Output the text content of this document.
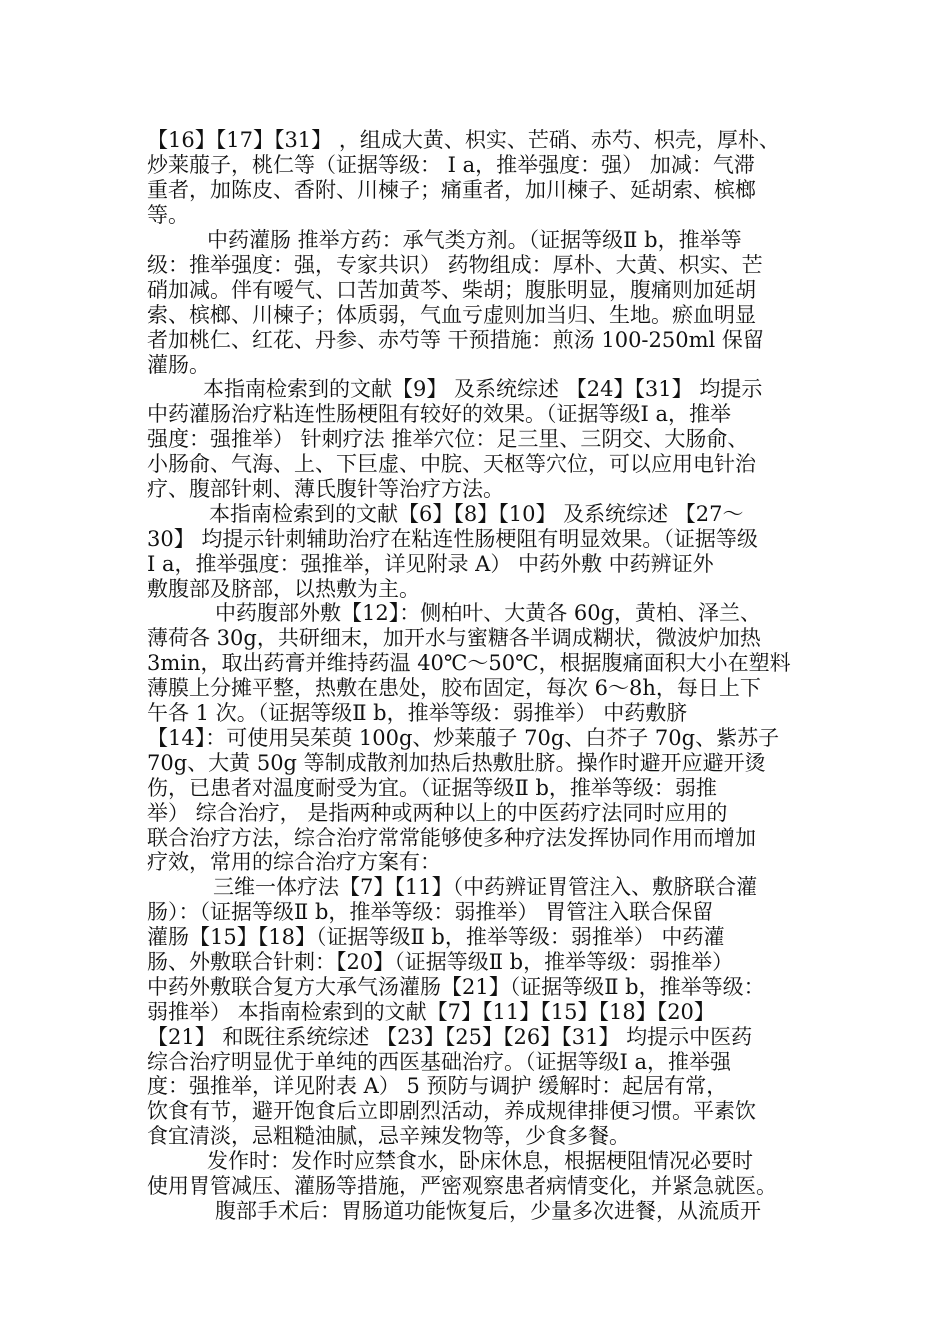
【16】【17】【31】 ，组成大黄、枳实、芒硝、赤芍、枳壳，厚朴、
炒莱菔子，桃仁等（证据等级： Ⅰ a，推举强度：强） 加减：气滞
重者，加陈皮、香附、川楝子；痛重者，加川楝子、延胡索、槟榔
等。
中药灌肠 推举方药：承气类方剂。（证据等级Ⅱ b，推举等
级：推举强度：强，专家共识） 药物组成：厚朴、大黄、枳实、芒
硝加减。伴有嗳气、口苦加黄芩、柴胡；腹胀明显，腹痛则加延胡
索、槟榔、川楝子；体质弱，气血亏虚则加当归、生地。瘀血明显
者加桃仁、红花、丹参、赤芍等 干预措施：煎汤 100-250ml 保留
灌肠。
本指南检索到的文献【9】 及系统综述 【24】【31】 均提示
中药灌肠治疗粘连性肠梗阻有较好的效果。（证据等级Ⅰ a，推举
强度：强推举） 针刺疗法 推举穴位：足三里、三阴交、大肠俞、
小肠俞、气海、上、下巨虚、中脘、天枢等穴位，可以应用电针治
疗、腹部针刺、薄氏腹针等治疗方法。
本指南检索到的文献【6】【8】【10】 及系统综述 【27～
30】 均提示针刺辅助治疗在粘连性肠梗阻有明显效果。（证据等级
Ⅰ a，推举强度：强推举，详见附录 A） 中药外敷 中药辨证外
敷腹部及脐部，以热敷为主。
中药腹部外敷【12】：侧柏叶、大黄各 60g，黄柏、泽兰、
薄荷各 30g，共研细末，加开水与蜜糖各半调成糊状，微波炉加热
3min，取出药膏并维持药温 40℃～50℃，根据腹痛面积大小在塑料
薄膜上分摊平整，热敷在患处，胶布固定，每次 6～8h，每日上下
午各 1 次。（证据等级Ⅱ b，推举等级：弱推举） 中药敷脐
【14】：可使用吴茱萸 100g、炒莱菔子 70g、白芥子 70g、紫苏子
70g、大黄 50g 等制成散剂加热后热敷肚脐。操作时避开应避开烫
伤，已患者对温度耐受为宜。（证据等级Ⅱ b，推举等级：弱推
举） 综合治疗， 是指两种或两种以上的中医药疗法同时应用的
联合治疗方法，综合治疗常常能够使多种疗法发挥协同作用而增加
疗效，常用的综合治疗方案有：
三维一体疗法【7】【11】（中药辨证胃管注入、敷脐联合灌
肠）：（证据等级Ⅱ b，推举等级：弱推举） 胃管注入联合保留
灌肠【15】【18】（证据等级Ⅱ b，推举等级：弱推举） 中药灌
肠、外敷联合针刺：【20】（证据等级Ⅱ b，推举等级：弱推举）
中药外敷联合复方大承气汤灌肠【21】（证据等级Ⅱ b，推举等级：
弱推举） 本指南检索到的文献【7】【11】【15】【18】【20】
【21】 和既往系统综述 【23】【25】【26】【31】 均提示中医药
综合治疗明显优于单纯的西医基础治疗。（证据等级Ⅰ a，推举强
度：强推举，详见附表 A） 5 预防与调护 缓解时：起居有常，
饮食有节，避开饱食后立即剧烈活动，养成规律排便习惯。平素饮
食宜清淡，忌粗糙油腻，忌辛辣发物等，少食多餐。
发作时：发作时应禁食水，卧床休息，根据梗阻情况必要时
使用胃管减压、灌肠等措施，严密观察患者病情变化，并紧急就医。
腹部手术后：胃肠道功能恢复后，少量多次进餐，从流质开
